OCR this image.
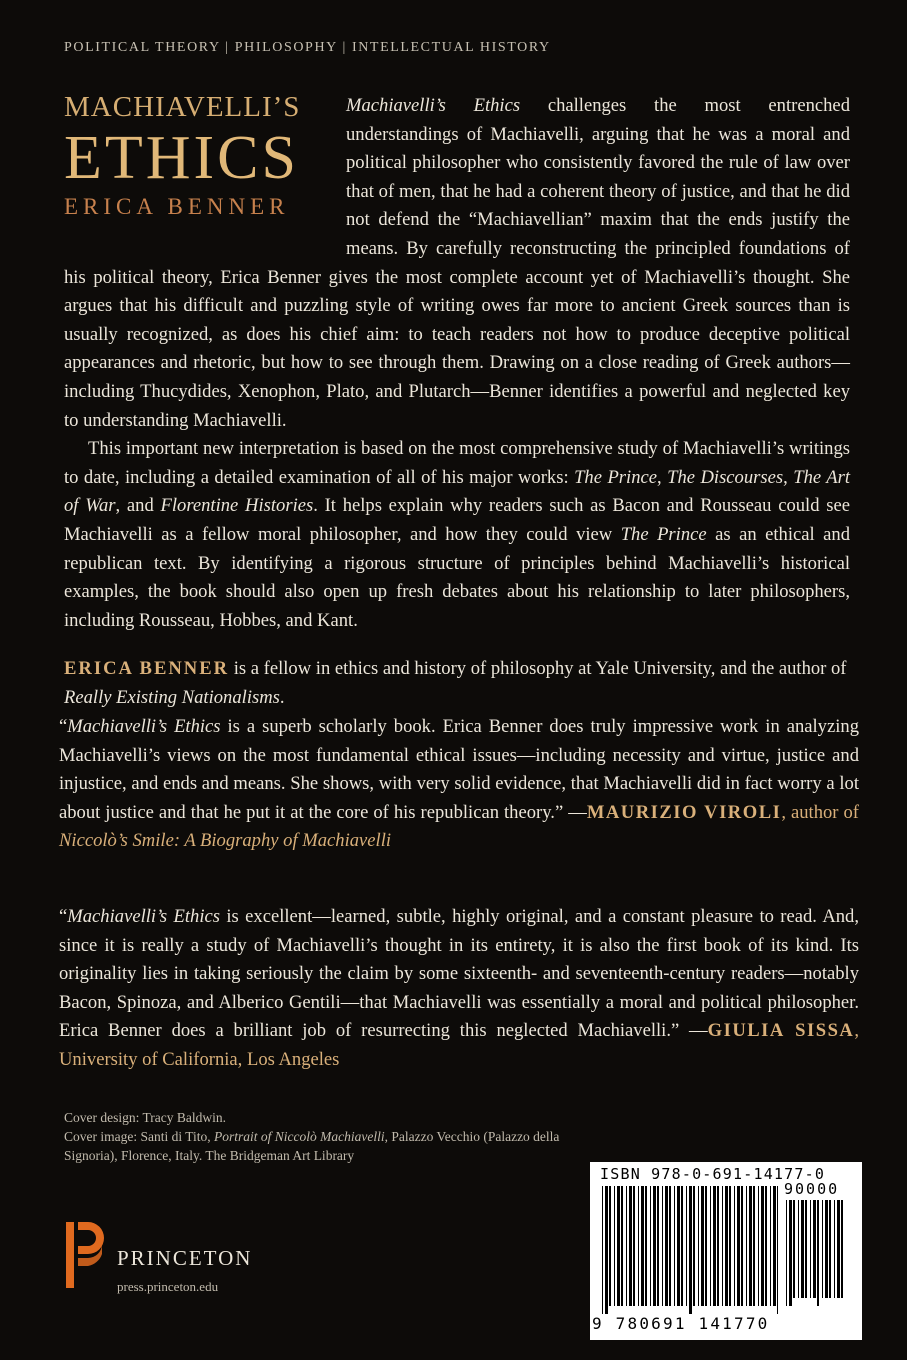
POLITICAL THEORY | PHILOSOPHY | INTELLECTUAL HISTORY
MACHIAVELLI’S
ETHICS
ERICA BENNER

Machiavelli’s Ethics challenges the most entrenched understandings of Machiavelli, arguing that he was a moral and political philosopher who consistently favored the rule of law over that of men, that he had a coherent theory of justice, and that he did not defend the “Machiavellian” maxim that the ends justify the means. By carefully reconstructing the principled foundations of his political theory, Erica Benner gives the most complete account yet of Machiavelli’s thought. She argues that his difficult and puzzling style of writing owes far more to ancient Greek sources than is usually recognized, as does his chief aim: to teach readers not how to produce deceptive political appearances and rhetoric, but how to see through them. Drawing on a close reading of Greek authors—including Thucydides, Xenophon, Plato, and Plutarch—Benner identifies a powerful and neglected key to understanding Machiavelli.

This important new interpretation is based on the most comprehensive study of Machiavelli’s writings to date, including a detailed examination of all of his major works: The Prince, The Discourses, The Art of War, and Florentine Histories. It helps explain why readers such as Bacon and Rousseau could see Machiavelli as a fellow moral philosopher, and how they could view The Prince as an ethical and republican text. By identifying a rigorous structure of principles behind Machiavelli’s historical examples, the book should also open up fresh debates about his relationship to later philosophers, including Rousseau, Hobbes, and Kant.

ERICA BENNER is a fellow in ethics and history of philosophy at Yale University, and the author of Really Existing Nationalisms.
“Machiavelli’s Ethics is a superb scholarly book. Erica Benner does truly impressive work in analyzing Machiavelli’s views on the most fundamental ethical issues—including necessity and virtue, justice and injustice, and ends and means. She shows, with very solid evidence, that Machiavelli did in fact worry a lot about justice and that he put it at the core of his republican theory.” —MAURIZIO VIROLI, author of Niccolò’s Smile: A Biography of Machiavelli
“Machiavelli’s Ethics is excellent—learned, subtle, highly original, and a constant pleasure to read. And, since it is really a study of Machiavelli’s thought in its entirety, it is also the first book of its kind. Its originality lies in taking seriously the claim by some sixteenth- and seventeenth-century readers—notably Bacon, Spinoza, and Alberico Gentili—that Machiavelli was essentially a moral and political philosopher. Erica Benner does a brilliant job of resurrecting this neglected Machiavelli.” —GIULIA SISSA, University of California, Los Angeles
Cover design: Tracy Baldwin.
Cover image: Santi di Tito, Portrait of Niccolò Machiavelli, Palazzo Vecchio (Palazzo della Signoria), Florence, Italy. The Bridgeman Art Library
PRINCETON
press.princeton.edu
ISBN 978-0-691-14177-0
90000
9 780691 141770
